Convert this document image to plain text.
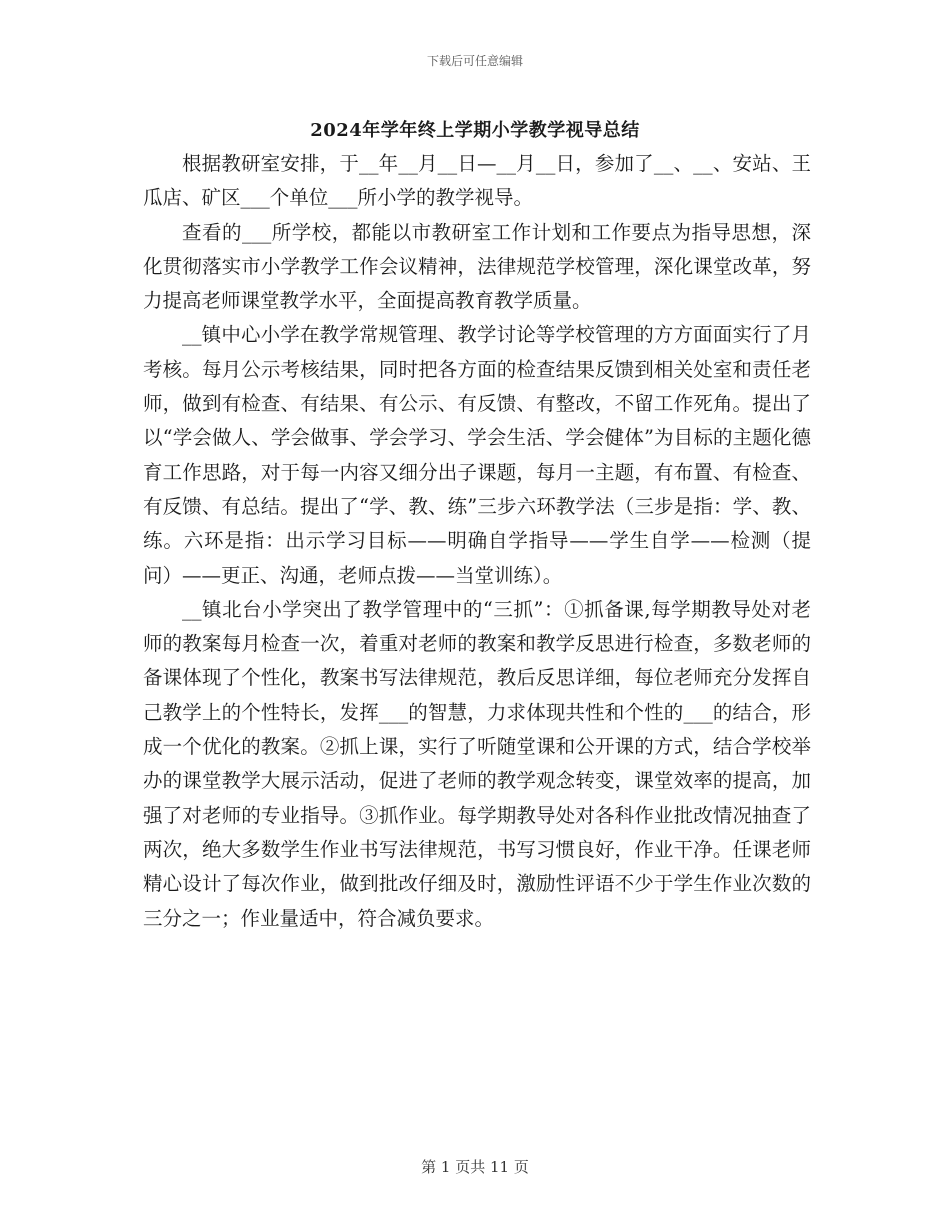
下载后可任意编辑
2024年学年终上学期小学教学视导总结

根据教研室安排，于__年__月__日—__月__日，参加了__、__、安站、王瓜店、矿区___个单位___所小学的教学视导。

查看的___所学校，都能以市教研室工作计划和工作要点为指导思想，深化贯彻落实市小学教学工作会议精神，法律规范学校管理，深化课堂改革，努力提高老师课堂教学水平，全面提高教育教学质量。

__镇中心小学在教学常规管理、教学讨论等学校管理的方方面面实行了月考核。每月公示考核结果，同时把各方面的检查结果反馈到相关处室和责任老师，做到有检查、有结果、有公示、有反馈、有整改，不留工作死角。提出了以“学会做人、学会做事、学会学习、学会生活、学会健体”为目标的主题化德育工作思路，对于每一内容又细分出子课题，每月一主题，有布置、有检查、有反馈、有总结。提出了“学、教、练”三步六环教学法（三步是指：学、教、练。六环是指：出示学习目标——明确自学指导——学生自学——检测（提问）——更正、沟通，老师点拨——当堂训练）。

__镇北台小学突出了教学管理中的“三抓”：①抓备课,每学期教导处对老师的教案每月检查一次，着重对老师的教案和教学反思进行检查，多数老师的备课体现了个性化，教案书写法律规范，教后反思详细，每位老师充分发挥自己教学上的个性特长，发挥___的智慧，力求体现共性和个性的___的结合，形成一个优化的教案。②抓上课，实行了听随堂课和公开课的方式，结合学校举办的课堂教学大展示活动，促进了老师的教学观念转变，课堂效率的提高，加强了对老师的专业指导。③抓作业。每学期教导处对各科作业批改情况抽查了两次，绝大多数学生作业书写法律规范，书写习惯良好，作业干净。任课老师精心设计了每次作业，做到批改仔细及时，激励性评语不少于学生作业次数的三分之一；作业量适中，符合减负要求。

第 1 页共 11 页
